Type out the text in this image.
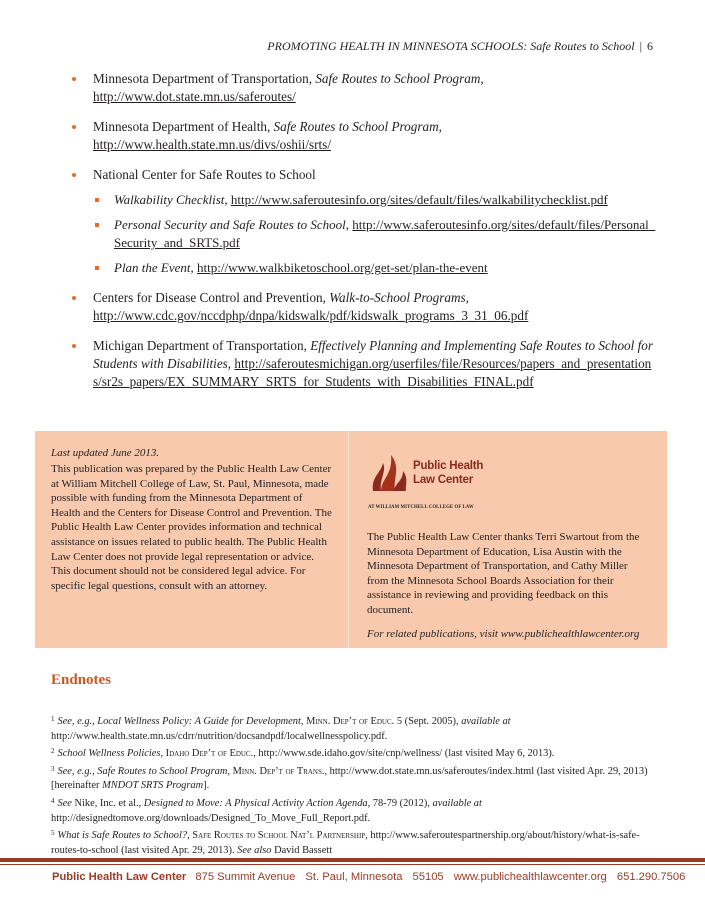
PROMOTING HEALTH IN MINNESOTA SCHOOLS: Safe Routes to School | 6
Minnesota Department of Transportation, Safe Routes to School Program,
http://www.dot.state.mn.us/saferoutes/
Minnesota Department of Health, Safe Routes to School Program,
http://www.health.state.mn.us/divs/oshii/srts/
National Center for Safe Routes to School
Walkability Checklist, http://www.saferoutesinfo.org/sites/default/files/walkabilitychecklist.pdf
Personal Security and Safe Routes to School, http://www.saferoutesinfo.org/sites/default/files/Personal_Security_and_SRTS.pdf
Plan the Event, http://www.walkbiketoschool.org/get-set/plan-the-event
Centers for Disease Control and Prevention, Walk-to-School Programs,
http://www.cdc.gov/nccdphp/dnpa/kidswalk/pdf/kidswalk_programs_3_31_06.pdf
Michigan Department of Transportation, Effectively Planning and Implementing Safe Routes to School for Students with Disabilities, http://saferoutesmichigan.org/userfiles/file/Resources/papers_and_presentations/sr2s_papers/EX_SUMMARY_SRTS_for_Students_with_Disabilities_FINAL.pdf
Last updated June 2013.
This publication was prepared by the Public Health Law Center at William Mitchell College of Law, St. Paul, Minnesota, made possible with funding from the Minnesota Department of Health and the Centers for Disease Control and Prevention. The Public Health Law Center provides information and technical assistance on issues related to public health. The Public Health Law Center does not provide legal representation or advice. This document should not be considered legal advice. For specific legal questions, consult with an attorney.
Public Health
Law Center
AT WILLIAM MITCHELL COLLEGE OF LAW
The Public Health Law Center thanks Terri Swartout from the Minnesota Department of Education, Lisa Austin with the Minnesota Department of Transportation, and Cathy Miller from the Minnesota School Boards Association for their assistance in reviewing and providing feedback on this document.
For related publications, visit www.publichealthlawcenter.org
Endnotes

$^1$ See, e.g., Local Wellness Policy: A Guide for Development, Minn. Dep’t of Educ. 5 (Sept. 2005), available at http://www.health.state.mn.us/cdrr/nutrition/docsandpdf/localwellnesspolicy.pdf.

$^2$ School Wellness Policies, Idaho Dep’t of Educ., http://www.sde.idaho.gov/site/cnp/wellness/ (last visited May 6, 2013).

$^3$ See, e.g., Safe Routes to School Program, Minn. Dep’t of Trans., http://www.dot.state.mn.us/saferoutes/index.html (last visited Apr. 29, 2013) [hereinafter MNDOT SRTS Program].

$^4$ See Nike, Inc. et al., Designed to Move: A Physical Activity Action Agenda, 78-79 (2012), available at http://designedtomove.org/downloads/Designed_To_Move_Full_Report.pdf.

$^5$ What is Safe Routes to School?, Safe Routes to School Nat’l Partnership, http://www.saferoutespartnership.org/about/history/what-is-safe-routes-to-school (last visited Apr. 29, 2013). See also David Bassett

Public Health Law Center 875 Summit Avenue St. Paul, Minnesota 55105 www.publichealthlawcenter.org 651.290.7506
